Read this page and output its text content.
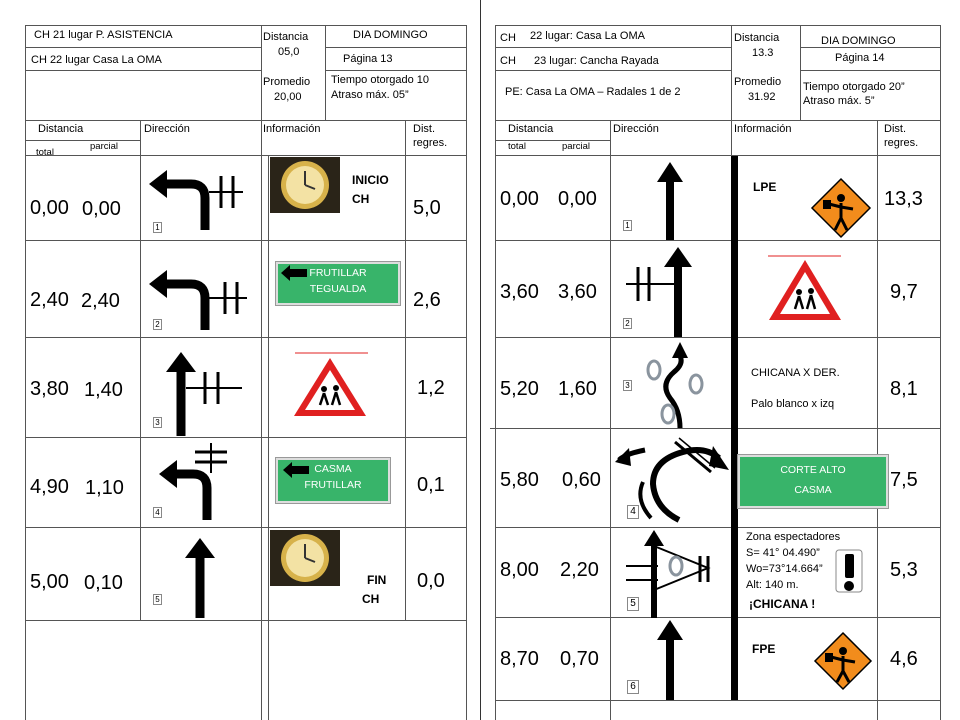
CH 21 lugar P. ASISTENCIA
CH 22 lugar Casa La OMA
Distancia
05,0
DIA DOMINGO
Página 13
Promedio
20,00
Tiempo otorgado 10
Atraso máx. 05”
Distancia	Dirección	Información	Dist.
regres.
parcial
total
0,00 0,00	5,0
1
INICIO
CH
2,40 2,40	2,6
2
FRUTILLAR
TEGUALDA
3,80 1,40	1,2
3
4,90 1,10	0,1
4
CASMA
FRUTILLAR
5,00 0,10	0,0
5
FIN
CH
CH 22 lugar: Casa La OMA
CH 23 lugar: Cancha Rayada
PE: Casa La OMA – Radales 1 de 2
Distancia
13.3
DIA DOMINGO
Página 14
Promedio
31.92
Tiempo otorgado 20”
Atraso máx. 5”
Distancia	Dirección	Información	Dist.
regres.
total	parcial
0,00 0,00	13,3
1
LPE
3,60 3,60	9,7
2
5,20 1,60	8,1
3
CHICANA X DER.
Palo blanco x izq
5,80 0,60	7,5
4
CORTE ALTO
CASMA
8,00 2,20	5,3
5
Zona espectadores
S= 41° 04.490”
Wo=73°14.664”
Alt: 140 m.
¡CHICANA !
8,70 0,70	4,6
6
FPE
